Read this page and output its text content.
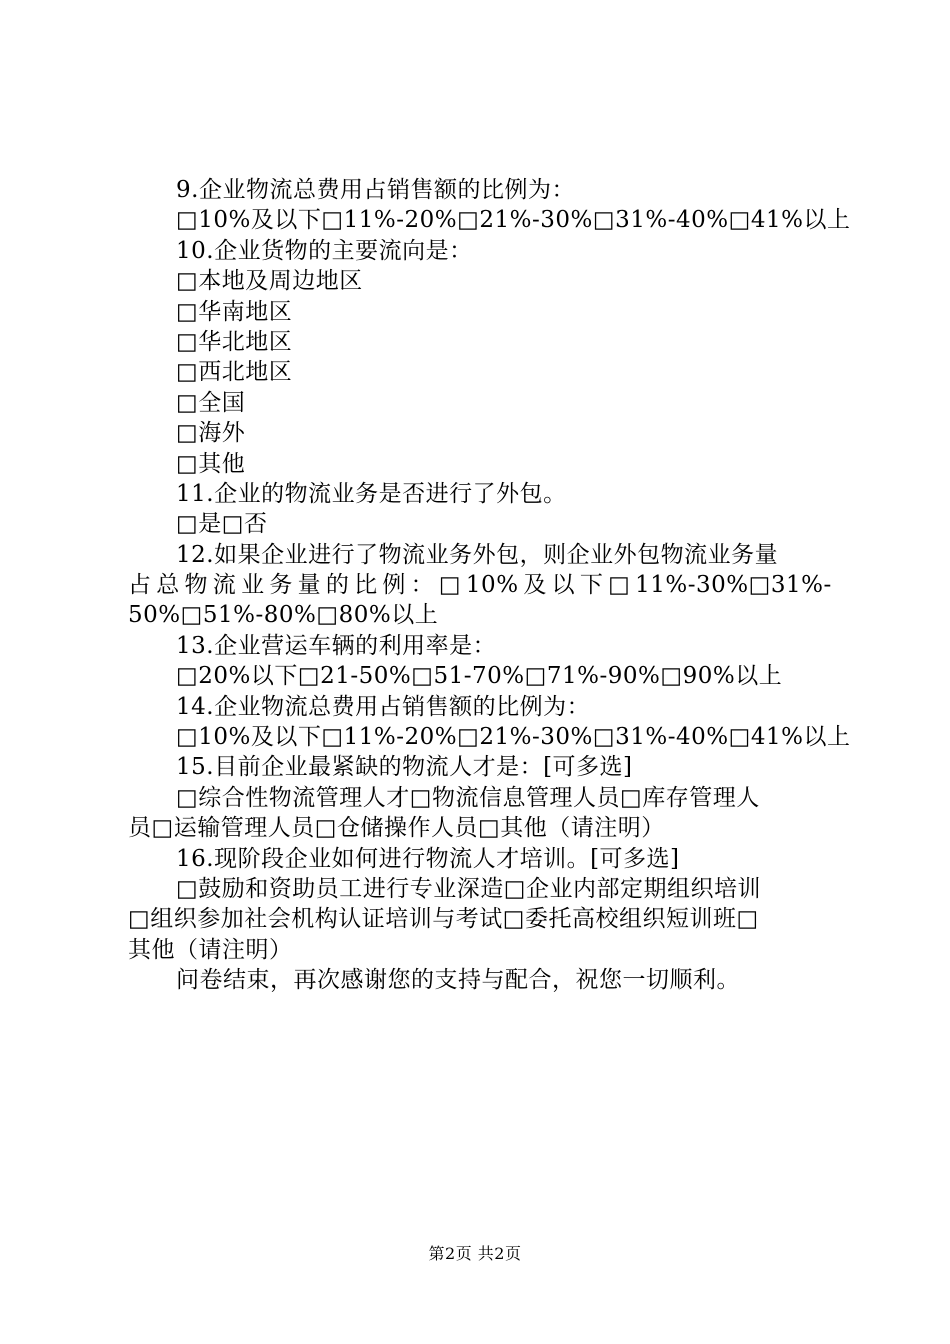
9.企业物流总费用占销售额的比例为：
□10%及以下□11%-20%□21%-30%□31%-40%□41%以上
10.企业货物的主要流向是：
□本地及周边地区
□华南地区
□华北地区
□西北地区
□全国
□海外
□其他
11.企业的物流业务是否进行了外包。
□是□否
12.如果企业进行了物流业务外包，则企业外包物流业务量
占 总 物 流 业 务 量 的 比 例 ： □ 10% 及 以 下 □ 11%-30%□31%-
50%□51%-80%□80%以上
13.企业营运车辆的利用率是：
□20%以下□21-50%□51-70%□71%-90%□90%以上
14.企业物流总费用占销售额的比例为：
□10%及以下□11%-20%□21%-30%□31%-40%□41%以上
15.目前企业最紧缺的物流人才是：[可多选]
□综合性物流管理人才□物流信息管理人员□库存管理人
员□运输管理人员□仓储操作人员□其他（请注明）
16.现阶段企业如何进行物流人才培训。[可多选]
□鼓励和资助员工进行专业深造□企业内部定期组织培训
□组织参加社会机构认证培训与考试□委托高校组织短训班□
其他（请注明）
问卷结束，再次感谢您的支持与配合，祝您一切顺利。
第2页 共2页
